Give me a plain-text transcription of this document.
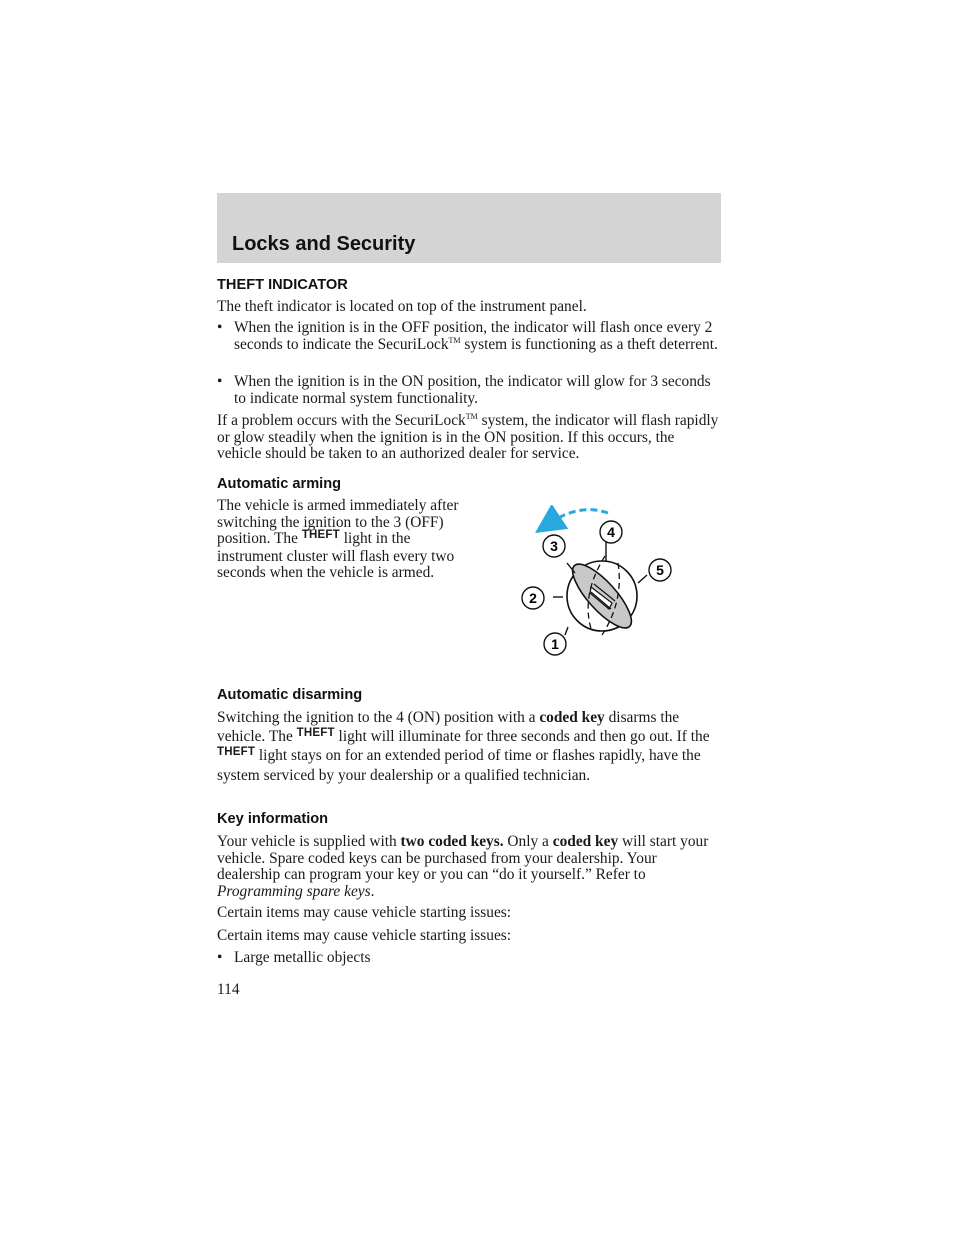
Locks and Security
THEFT INDICATOR

The theft indicator is located on top of the instrument panel.

• When the ignition is in the OFF position, the indicator will flash once every 2 seconds to indicate the SecuriLock™ system is functioning as a theft deterrent.
• When the ignition is in the ON position, the indicator will glow for 3 seconds to indicate normal system functionality.

If a problem occurs with the SecuriLock™ system, the indicator will flash rapidly or glow steadily when the ignition is in the ON position. If this occurs, the vehicle should be taken to an authorized dealer for service.

Automatic arming

The vehicle is armed immediately after switching the ignition to the 3 (OFF) position. The $^{THEFT}$ light in the instrument cluster will flash every two seconds when the vehicle is armed.

1
2
3
4
5
Automatic disarming

Switching the ignition to the 4 (ON) position with a coded key disarms the vehicle. The $^{THEFT}$ light will illuminate for three seconds and then go out. If the $^{THEFT}$ light stays on for an extended period of time or flashes rapidly, have the system serviced by your dealership or a qualified technician.

Key information

Your vehicle is supplied with two coded keys. Only a coded key will start your vehicle. Spare coded keys can be purchased from your dealership. Your dealership can program your key or you can “do it yourself.” Refer to Programming spare keys.

Certain items may cause vehicle starting issues:

Certain items may cause vehicle starting issues:

• Large metallic objects
114
